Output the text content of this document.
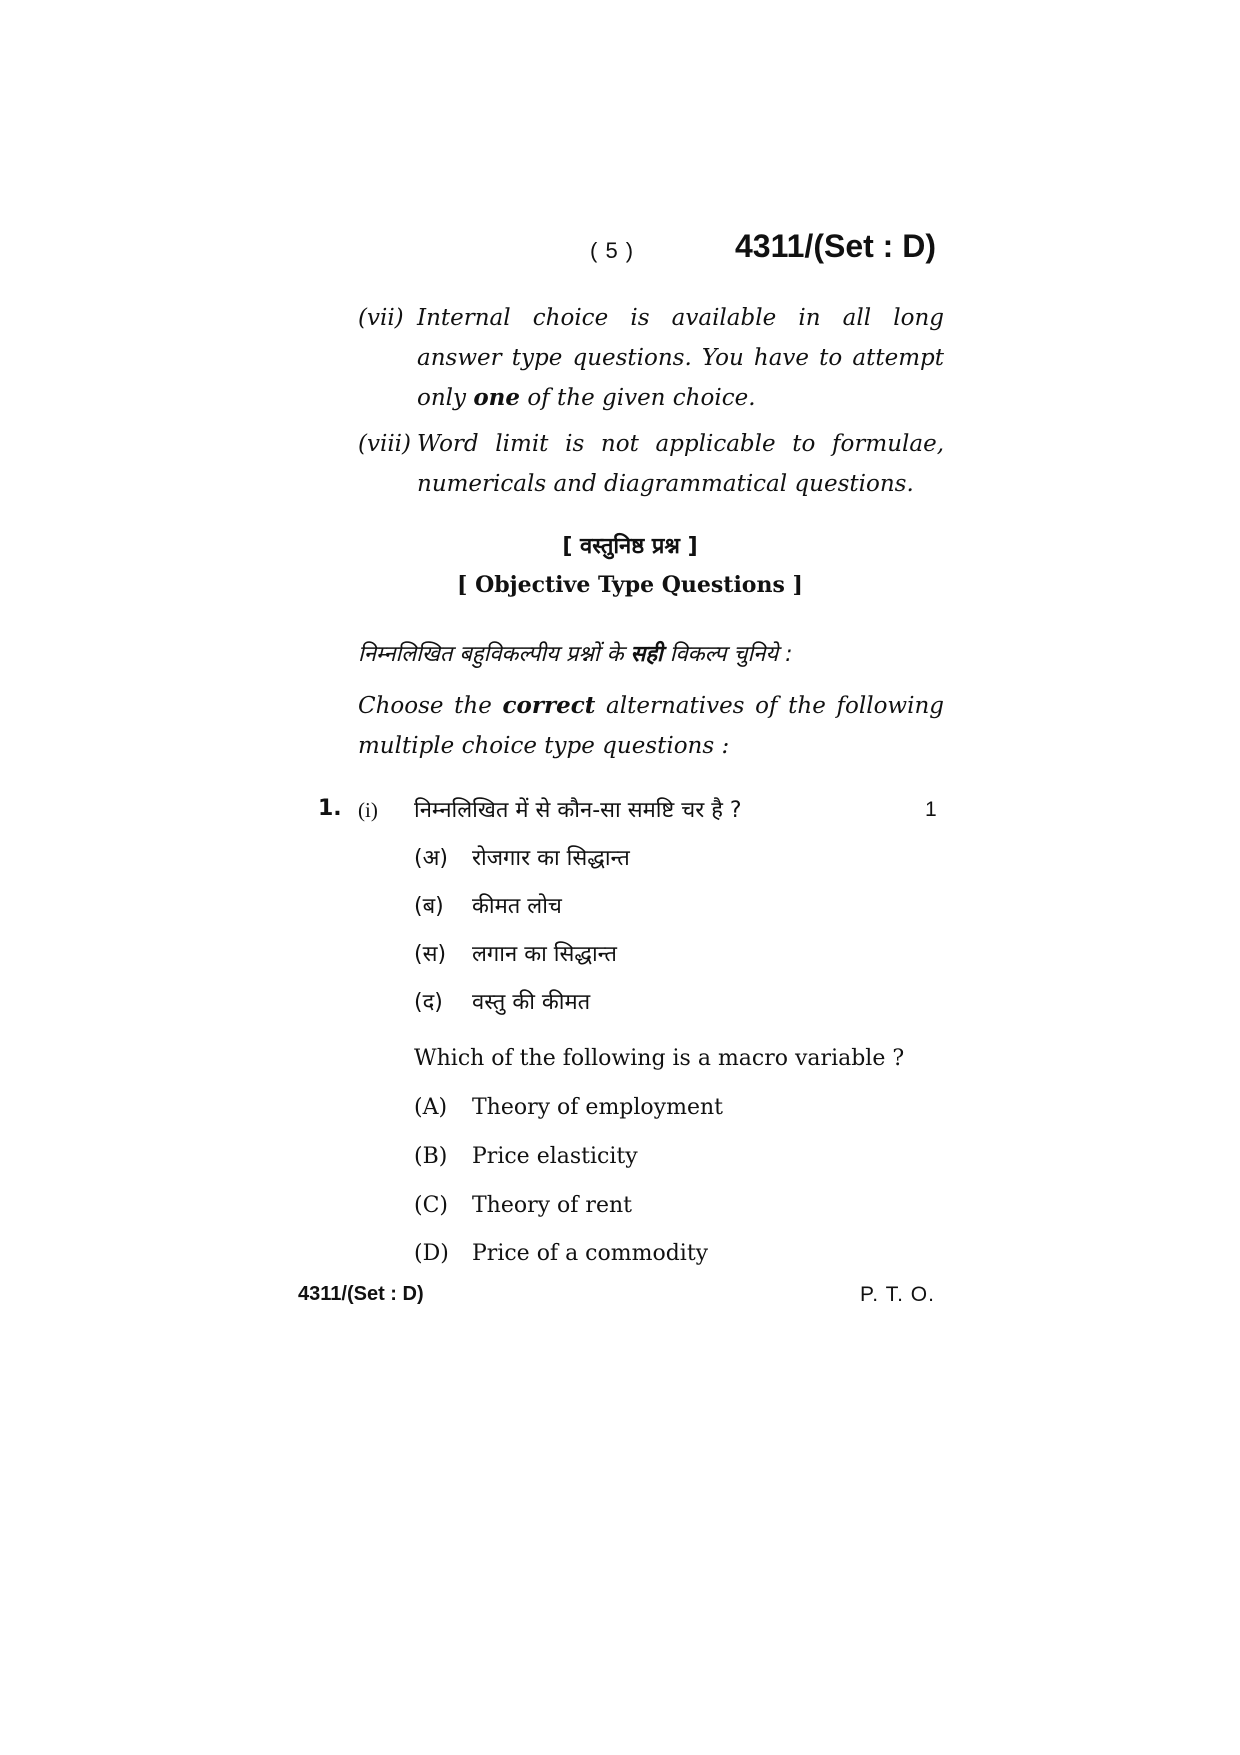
( 5 )	4311/(Set : D)
(vii) Internal choice is available in all long answer type questions. You have to attempt only one of the given choice.
(viii) Word limit is not applicable to formulae, numericals and diagrammatical questions.
[ वस्तुनिष्ठ प्रश्न ]
[ Objective Type Questions ]
निम्नलिखित बहुविकल्पीय प्रश्नों के सही विकल्प चुनिये :
Choose the correct alternatives of the following multiple choice type questions :
1. (i) निम्नलिखित में से कौन-सा समष्टि चर है ?	1
(अ) रोजगार का सिद्धान्त
(ब) कीमत लोच
(स) लगान का सिद्धान्त
(द) वस्तु की कीमत
Which of the following is a macro variable ?
(A) Theory of employment
(B) Price elasticity
(C) Theory of rent
(D) Price of a commodity
4311/(Set : D)	P. T. O.
